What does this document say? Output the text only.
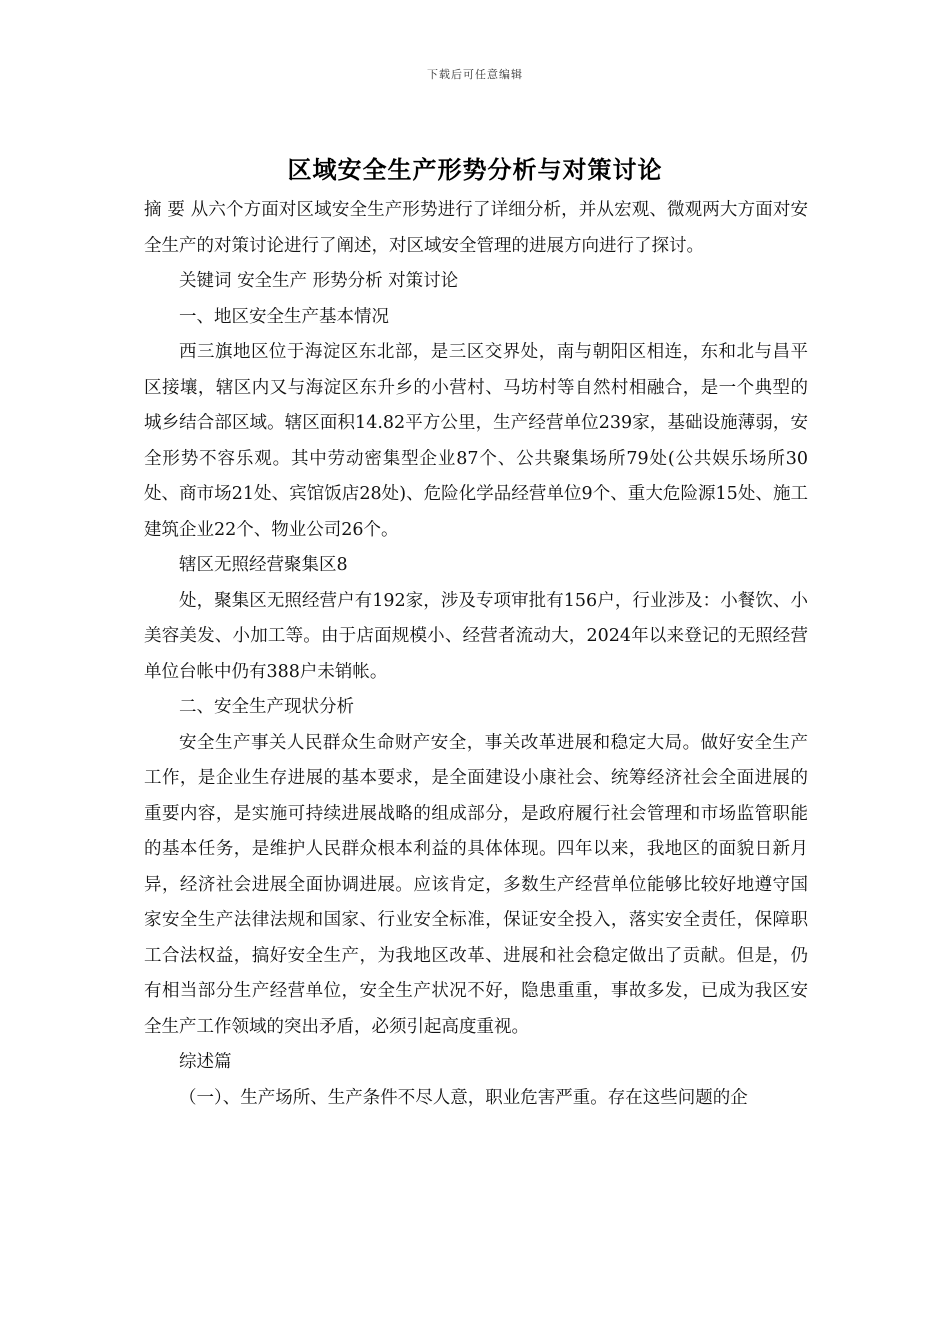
下载后可任意编辑
区域安全生产形势分析与对策讨论

摘 要 从六个方面对区域安全生产形势进行了详细分析，并从宏观、微观两大方面对安全生产的对策讨论进行了阐述，对区域安全管理的进展方向进行了探讨。

关键词 安全生产 形势分析 对策讨论

一、地区安全生产基本情况

西三旗地区位于海淀区东北部，是三区交界处，南与朝阳区相连，东和北与昌平区接壤，辖区内又与海淀区东升乡的小营村、马坊村等自然村相融合，是一个典型的城乡结合部区域。辖区面积14.82平方公里，生产经营单位239家，基础设施薄弱，安全形势不容乐观。其中劳动密集型企业87个、公共聚集场所79处(公共娱乐场所30处、商市场21处、宾馆饭店28处)、危险化学品经营单位9个、重大危险源15处、施工建筑企业22个、物业公司26个。

辖区无照经营聚集区8

处，聚集区无照经营户有192家，涉及专项审批有156户，行业涉及：小餐饮、小美容美发、小加工等。由于店面规模小、经营者流动大，2024年以来登记的无照经营单位台帐中仍有388户未销帐。

二、安全生产现状分析

安全生产事关人民群众生命财产安全，事关改革进展和稳定大局。做好安全生产工作，是企业生存进展的基本要求，是全面建设小康社会、统筹经济社会全面进展的重要内容，是实施可持续进展战略的组成部分，是政府履行社会管理和市场监管职能的基本任务，是维护人民群众根本利益的具体体现。四年以来，我地区的面貌日新月异，经济社会进展全面协调进展。应该肯定，多数生产经营单位能够比较好地遵守国家安全生产法律法规和国家、行业安全标准，保证安全投入，落实安全责任，保障职工合法权益，搞好安全生产，为我地区改革、进展和社会稳定做出了贡献。但是，仍有相当部分生产经营单位，安全生产状况不好，隐患重重，事故多发，已成为我区安全生产工作领域的突出矛盾，必须引起高度重视。

综述篇

（一）、生产场所、生产条件不尽人意，职业危害严重。存在这些问题的企
